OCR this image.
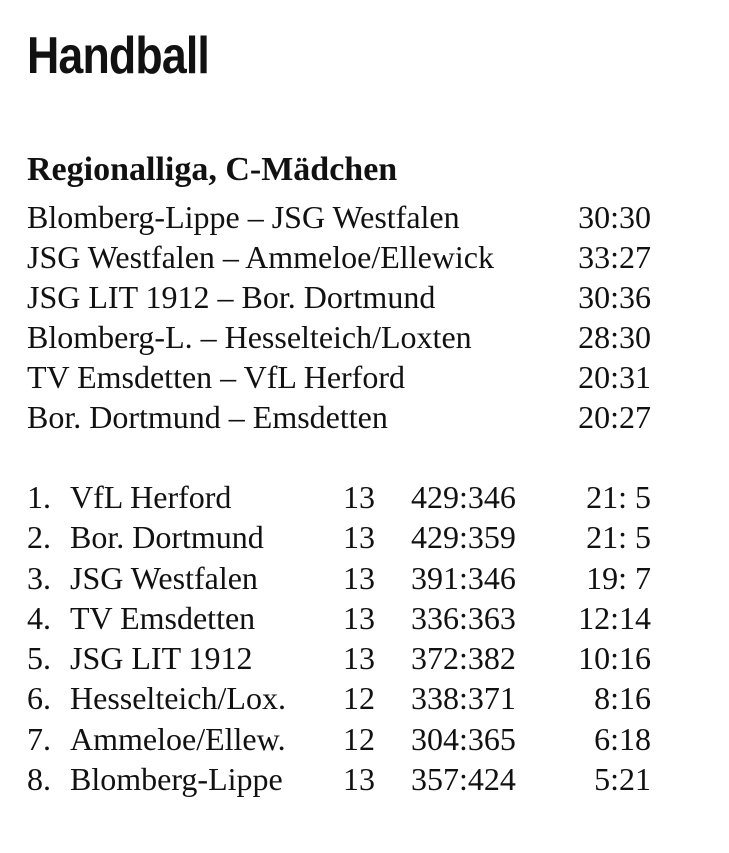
Handball
Regionalliga, C-Mädchen
Blomberg-Lippe – JSG Westfalen	30:30
JSG Westfalen – Ammeloe/Ellewick	33:27
JSG LIT 1912 – Bor. Dortmund	30:36
Blomberg-L. – Hesselteich/Loxten	28:30
TV Emsdetten – VfL Herford	20:31
Bor. Dortmund – Emsdetten	20:27
1. VfL Herford	13 429:346 21: 5
2. Bor. Dortmund 13 429:359 21: 5
3. JSG Westfalen	13 391:346 19: 7
4. TV Emsdetten	13 336:363 12:14
5. JSG LIT 1912	13 372:382 10:16
6. Hesselteich/Lox. 12 338:371 8:16
7. Ammeloe/Ellew. 12 304:365 6:18
8. Blomberg-Lippe 13 357:424 5:21
